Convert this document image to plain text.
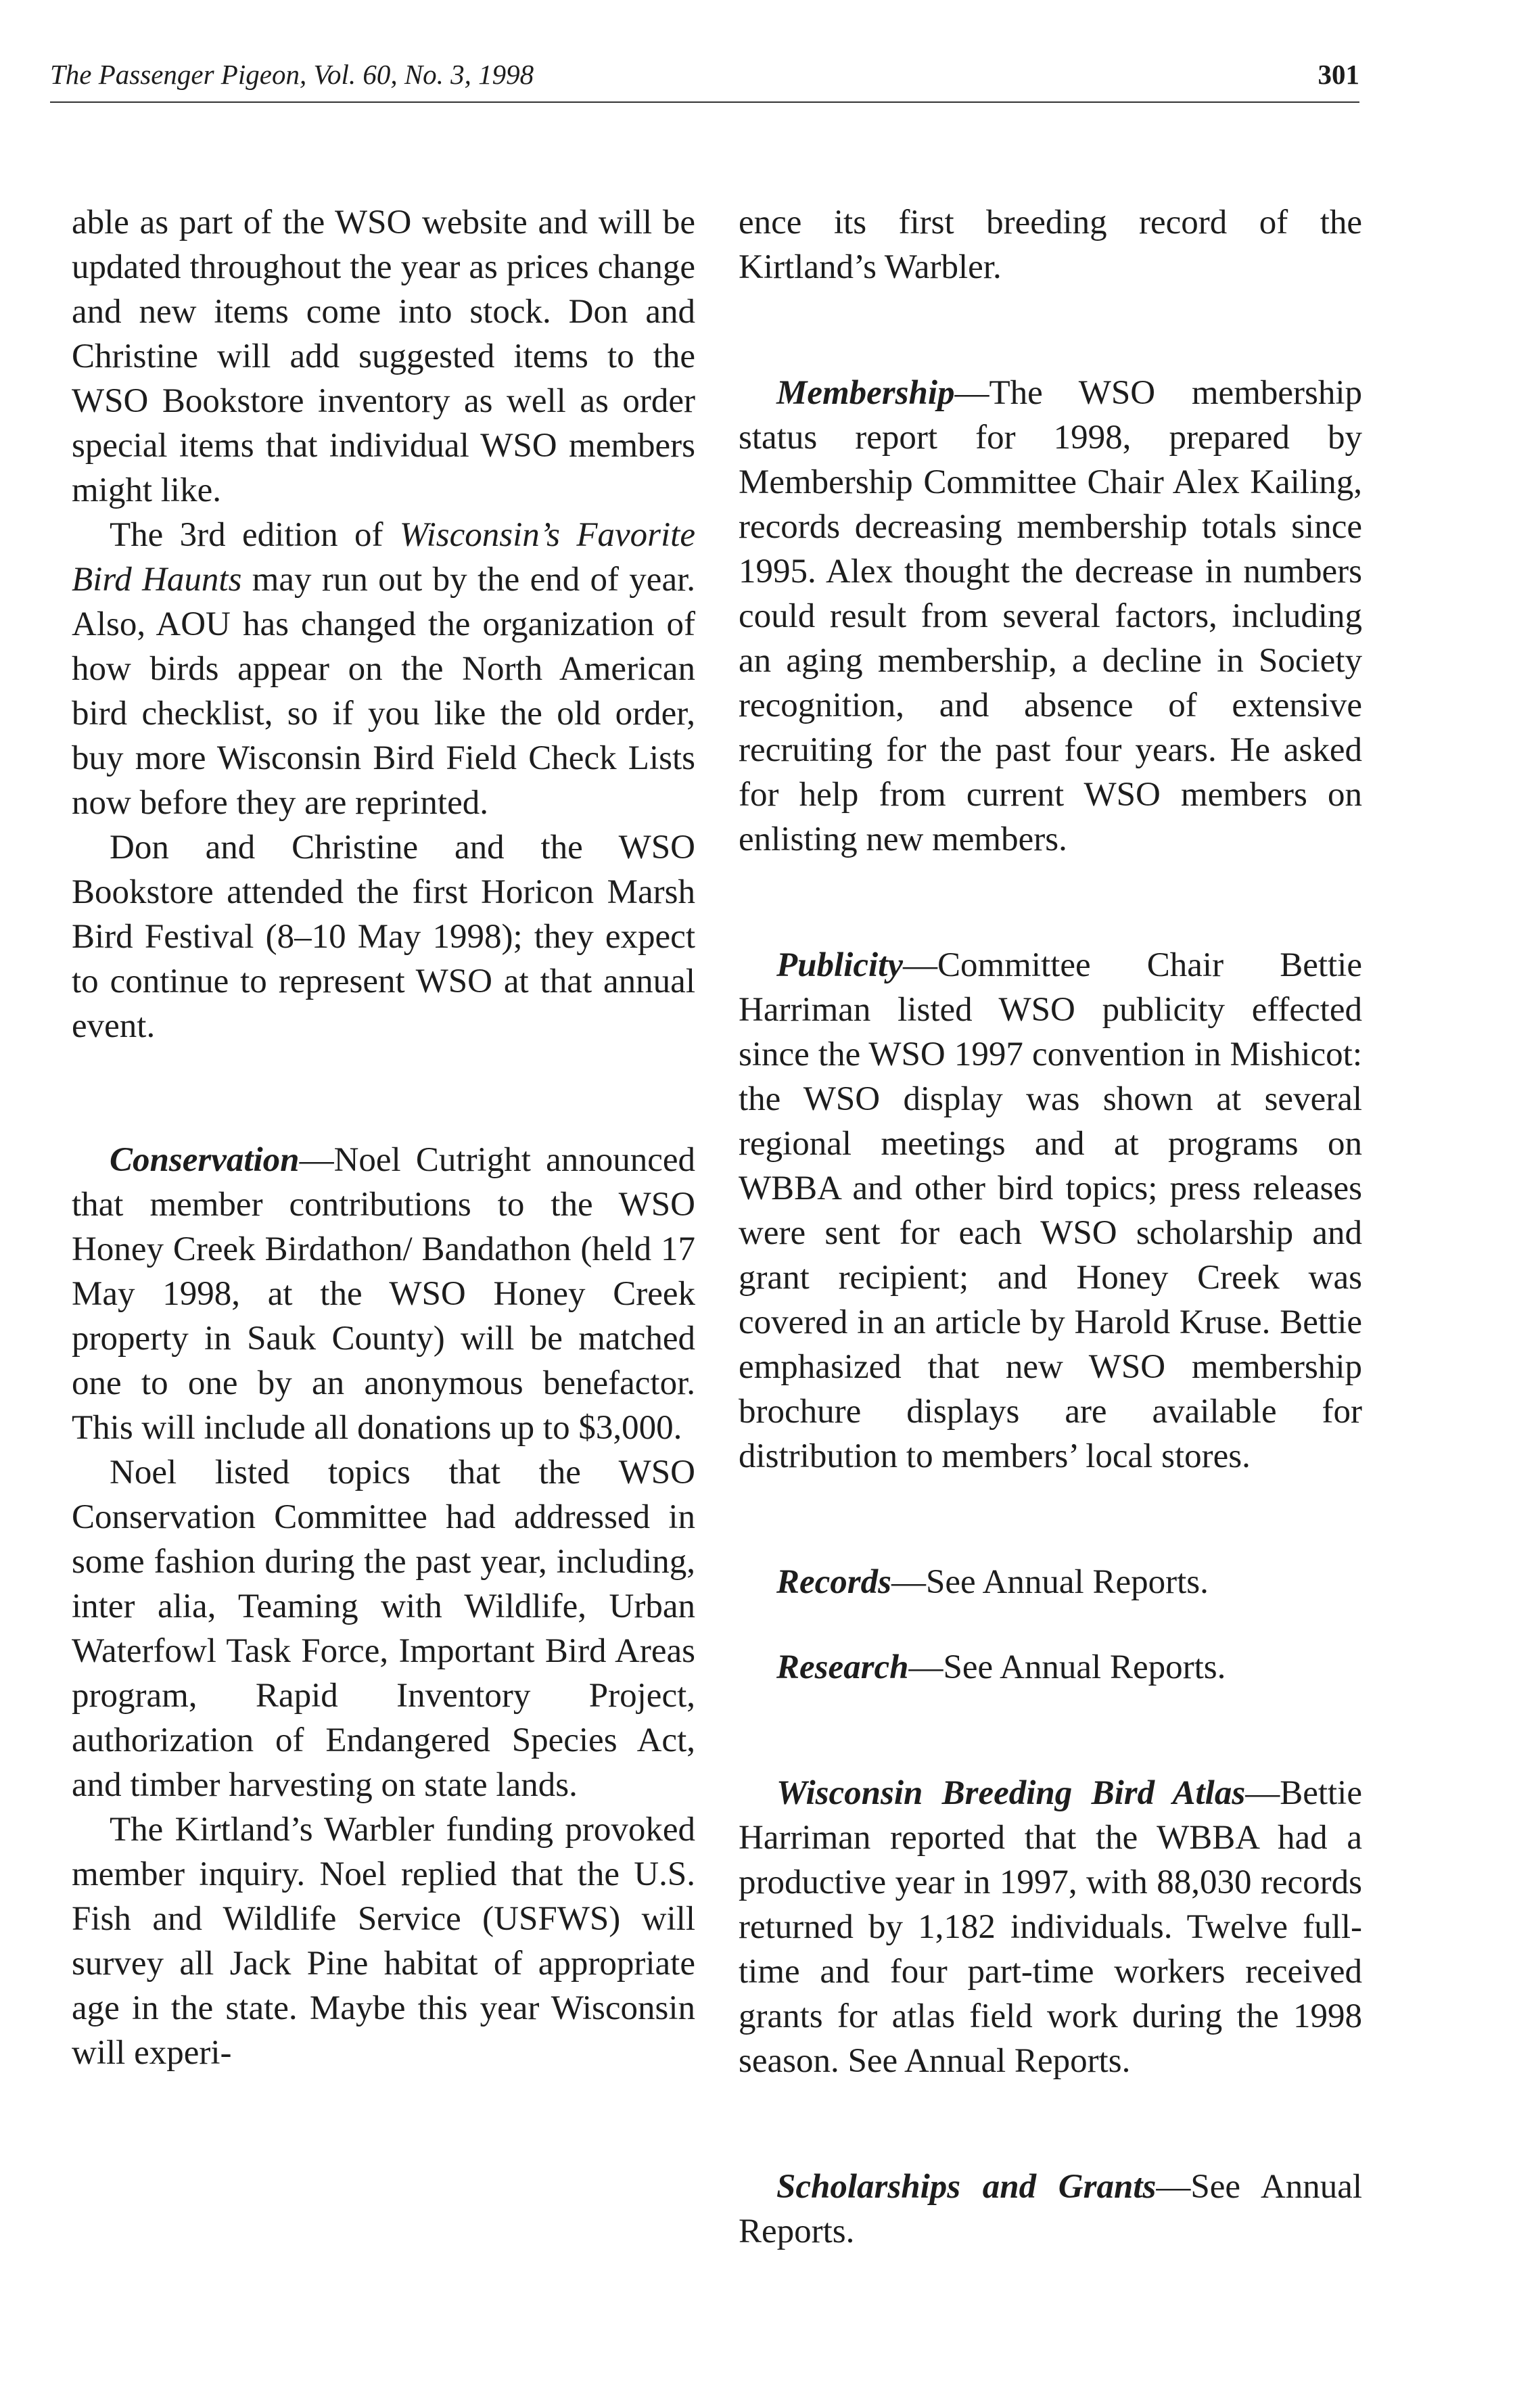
The Passenger Pigeon, Vol. 60, No. 3, 1998	301

able as part of the WSO website and will be updated throughout the year as prices change and new items come into stock. Don and Christine will add suggested items to the WSO Bookstore inventory as well as order special items that individual WSO members might like.

The 3rd edition of Wisconsin’s Favorite Bird Haunts may run out by the end of year. Also, AOU has changed the organization of how birds appear on the North American bird checklist, so if you like the old order, buy more Wisconsin Bird Field Check Lists now before they are reprinted.

Don and Christine and the WSO Bookstore attended the first Horicon Marsh Bird Festival (8–10 May 1998); they expect to continue to represent WSO at that annual event.

Conservation—Noel Cutright announced that member contributions to the WSO Honey Creek Birdathon/ Bandathon (held 17 May 1998, at the WSO Honey Creek property in Sauk County) will be matched one to one by an anonymous benefactor. This will include all donations up to $3,000.

Noel listed topics that the WSO Conservation Committee had addressed in some fashion during the past year, including, inter alia, Teaming with Wildlife, Urban Waterfowl Task Force, Important Bird Areas program, Rapid Inventory Project, authorization of Endangered Species Act, and timber harvesting on state lands.

The Kirtland’s Warbler funding provoked member inquiry. Noel replied that the U.S. Fish and Wildlife Service (USFWS) will survey all Jack Pine habitat of appropriate age in the state. Maybe this year Wisconsin will experi-

ence its first breeding record of the Kirtland’s Warbler.

Membership—The WSO membership status report for 1998, prepared by Membership Committee Chair Alex Kailing, records decreasing membership totals since 1995. Alex thought the decrease in numbers could result from several factors, including an aging membership, a decline in Society recognition, and absence of extensive recruiting for the past four years. He asked for help from current WSO members on enlisting new members.

Publicity—Committee Chair Bettie Harriman listed WSO publicity effected since the WSO 1997 convention in Mishicot: the WSO display was shown at several regional meetings and at programs on WBBA and other bird topics; press releases were sent for each WSO scholarship and grant recipient; and Honey Creek was covered in an article by Harold Kruse. Bettie emphasized that new WSO membership brochure displays are available for distribution to members’ local stores.

Records—See Annual Reports.

Research—See Annual Reports.

Wisconsin Breeding Bird Atlas—Bettie Harriman reported that the WBBA had a productive year in 1997, with 88,030 records returned by 1,182 individuals. Twelve full-time and four part-time workers received grants for atlas field work during the 1998 season. See Annual Reports.

Scholarships and Grants—See Annual Reports.
